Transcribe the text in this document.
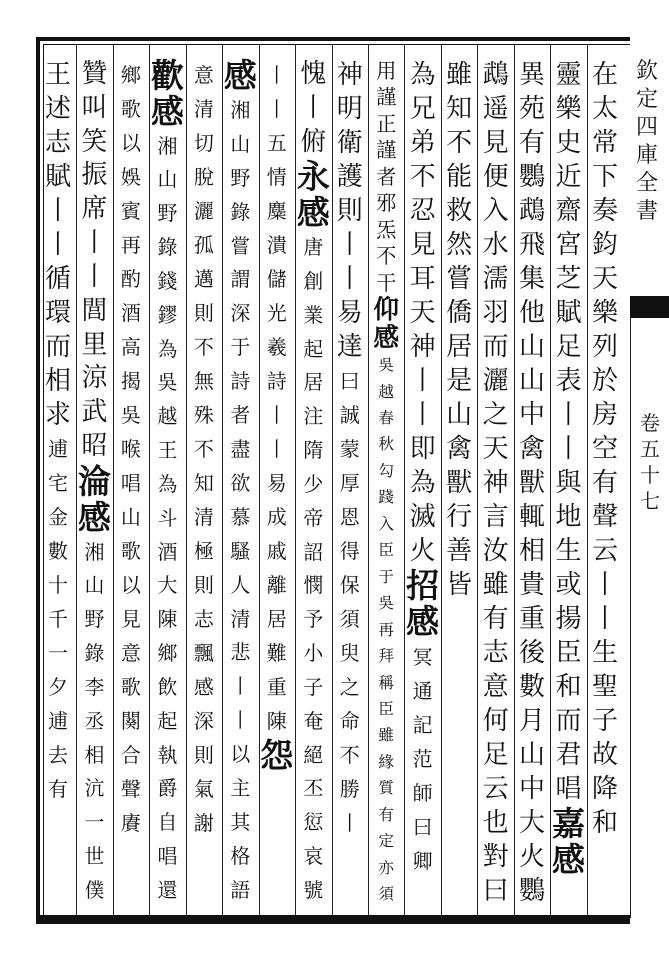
在
太
常
下
奏
鈞
天
樂
列
於
房
空
有
聲
云
丨
丨
生
聖
子
故
降
和
靈
樂
史
近
齋
宮
芝
賦
足
表
丨
丨
與
地
生
或
揚
臣
和
而
君
唱
嘉
感
異
苑
有
鸚
鵡
飛
集
他
山
山
中
禽
獸
輒
相
貴
重
後
數
月
山
中
大
火
鸚
鵡
遥
見
便
入
水
濡
羽
而
灑
之
天
神
言
汝
雖
有
志
意
何
足
云
也
對
曰
雖
知
不
能
救
然
嘗
僑
居
是
山
禽
獸
行
善
皆
為
兄
弟
不
忍
見
耳
天
神
丨
丨
即
為
滅
火
招
感
冥
通
記
范
師
曰
卿
用
謹
正
謹
者
邪
炁
不
干
仰
感
吳
越
春
秋
勾
踐
入
臣
于
吳
再
拜
稱
臣
雖
緣
質
有
定
亦
須
神
明
衛
護
則
丨
丨
易
達
曰
誠
蒙
厚
恩
得
保
須
臾
之
命
不
勝
丨
愧
丨
俯
永
感
唐
創
業
起
居
注
隋
少
帝
詔
憫
予
小
子
奄
絕
丕
愆
哀
號
丨
丨
五
情
麋
潰
儲
光
羲
詩
丨
丨
易
成
戚
離
居
難
重
陳
怨
感
湘
山
野
錄
嘗
謂
深
于
詩
者
盡
欲
慕
騷
人
清
悲
丨
丨
以
主
其
格
語
意
清
切
脫
灑
孤
邁
則
不
無
殊
不
知
清
極
則
志
飄
感
深
則
氣
謝
歡
感
湘
山
野
錄
錢
鏐
為
吳
越
王
為
斗
酒
大
陳
鄉
飲
起
執
爵
自
唱
還
鄉
歌
以
娛
賓
再
酌
酒
高
揭
吳
喉
唱
山
歌
以
見
意
歌
闋
合
聲
賡
贊
叫
笑
振
席
丨
丨
閭
里
涼
武
昭
淪
感
湘
山
野
錄
李
丞
相
沆
一
世
僕
王
述
志
賦
丨
丨
循
環
而
相
求
逋
宅
金
數
十
千
一
夕
逋
去
有
欽
定
四
庫
全
書
卷
五
十
七
